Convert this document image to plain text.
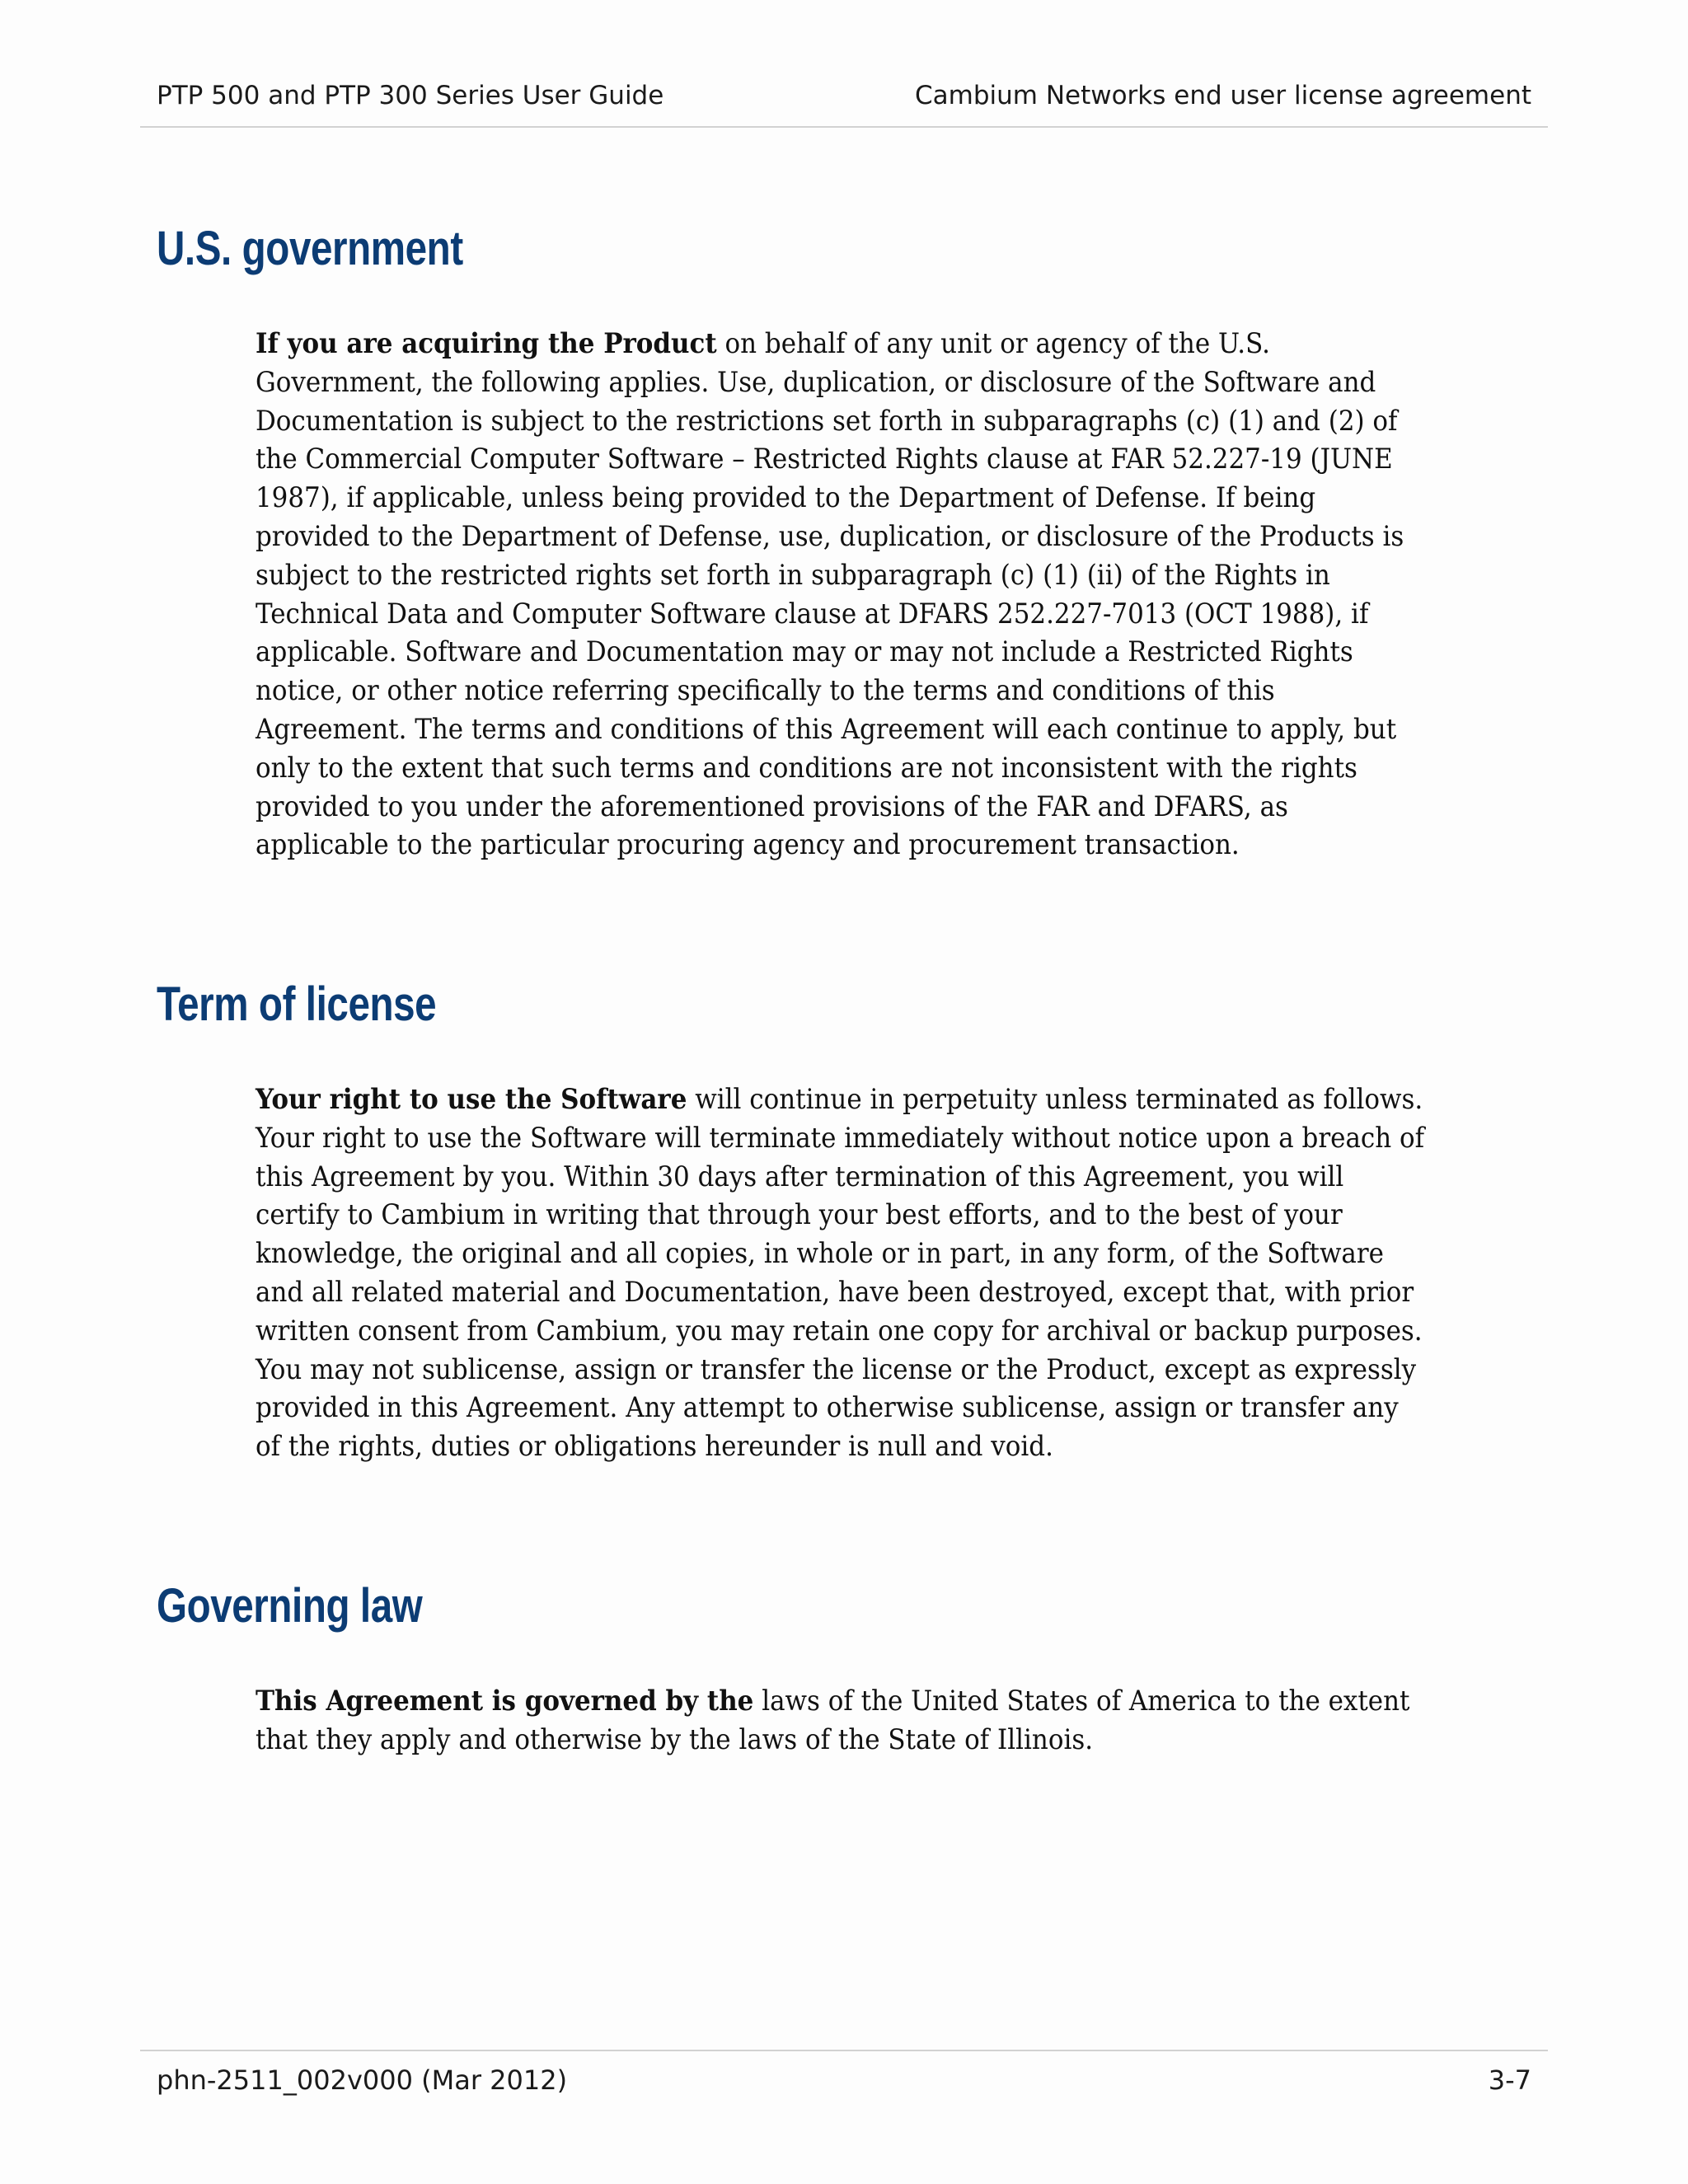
PTP 500 and PTP 300 Series User Guide	Cambium Networks end user license agreement
U.S. government

If you are acquiring the Product on behalf of any unit or agency of the U.S. Government, the following applies. Use, duplication, or disclosure of the Software and Documentation is subject to the restrictions set forth in subparagraphs (c) (1) and (2) of the Commercial Computer Software – Restricted Rights clause at FAR 52.227-19 (JUNE 1987), if applicable, unless being provided to the Department of Defense. If being provided to the Department of Defense, use, duplication, or disclosure of the Products is subject to the restricted rights set forth in subparagraph (c) (1) (ii) of the Rights in Technical Data and Computer Software clause at DFARS 252.227-7013 (OCT 1988), if applicable. Software and Documentation may or may not include a Restricted Rights notice, or other notice referring specifically to the terms and conditions of this Agreement. The terms and conditions of this Agreement will each continue to apply, but only to the extent that such terms and conditions are not inconsistent with the rights provided to you under the aforementioned provisions of the FAR and DFARS, as applicable to the particular procuring agency and procurement transaction.

Term of license

Your right to use the Software will continue in perpetuity unless terminated as follows. Your right to use the Software will terminate immediately without notice upon a breach of this Agreement by you. Within 30 days after termination of this Agreement, you will certify to Cambium in writing that through your best efforts, and to the best of your knowledge, the original and all copies, in whole or in part, in any form, of the Software and all related material and Documentation, have been destroyed, except that, with prior written consent from Cambium, you may retain one copy for archival or backup purposes. You may not sublicense, assign or transfer the license or the Product, except as expressly provided in this Agreement. Any attempt to otherwise sublicense, assign or transfer any of the rights, duties or obligations hereunder is null and void.

Governing law

This Agreement is governed by the laws of the United States of America to the extent that they apply and otherwise by the laws of the State of Illinois.

phn-2511_002v000 (Mar 2012)	3-7
